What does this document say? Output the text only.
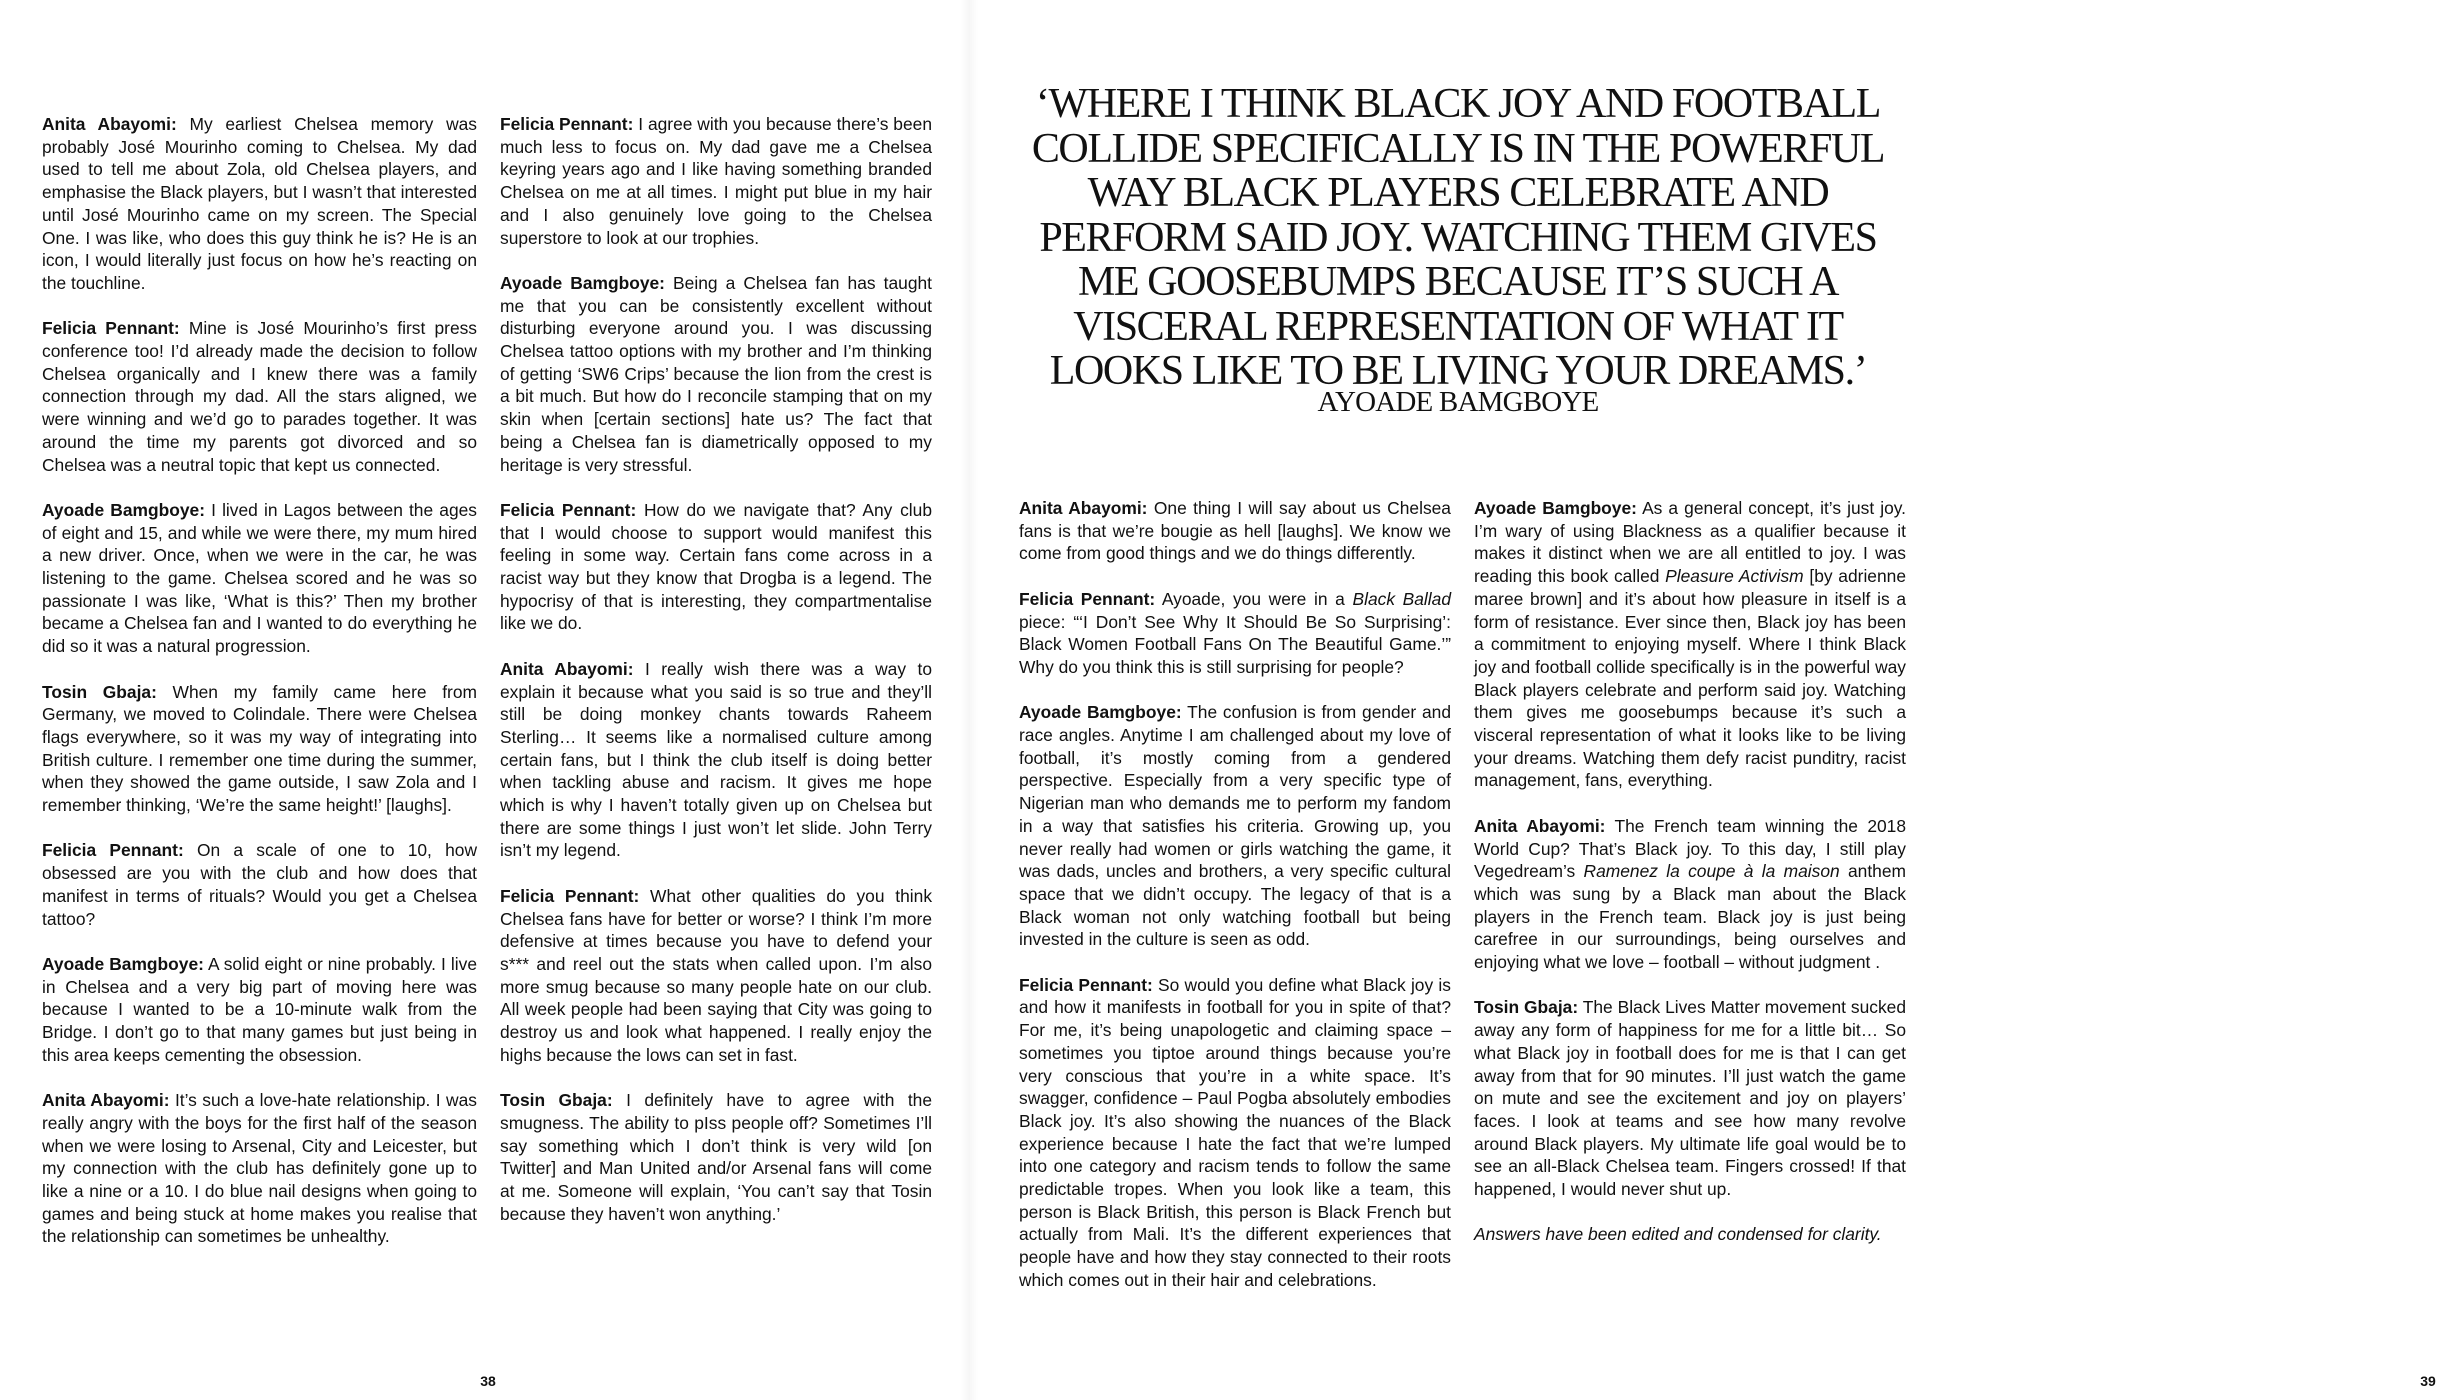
Anita Abayomi: My earliest Chelsea memory was probably José Mourinho coming to Chelsea. My dad used to tell me about Zola, old Chelsea players, and emphasise the Black players, but I wasn’t that interested until José Mourinho came on my screen. The Special One. I was like, who does this guy think he is? He is an icon, I would literally just focus on how he’s reacting on the touchline.

Felicia Pennant: Mine is José Mourinho’s first press conference too! I’d already made the decision to follow Chelsea organically and I knew there was a family connection through my dad. All the stars aligned, we were winning and we’d go to parades together. It was around the time my parents got divorced and so Chelsea was a neutral topic that kept us connected.

Ayoade Bamgboye: I lived in Lagos between the ages of eight and 15, and while we were there, my mum hired a new driver. Once, when we were in the car, he was listening to the game. Chelsea scored and he was so passionate I was like, ‘What is this?’ Then my brother became a Chelsea fan and I wanted to do everything he did so it was a natural progression.

Tosin Gbaja: When my family came here from Germany, we moved to Colindale. There were Chelsea flags everywhere, so it was my way of integrating into British culture. I remember one time during the summer, when they showed the game outside, I saw Zola and I remember thinking, ‘We’re the same height!’ [laughs].

Felicia Pennant: On a scale of one to 10, how obsessed are you with the club and how does that manifest in terms of rituals? Would you get a Chelsea tattoo?

Ayoade Bamgboye: A solid eight or nine probably. I live in Chelsea and a very big part of moving here was because I wanted to be a 10-minute walk from the Bridge. I don’t go to that many games but just being in this area keeps cementing the obsession.

Anita Abayomi: It’s such a love-hate relationship. I was really angry with the boys for the first half of the season when we were losing to Arsenal, City and Leicester, but my connection with the club has definitely gone up to like a nine or a 10. I do blue nail designs when going to games and being stuck at home makes you realise that the relationship can sometimes be unhealthy.

Felicia Pennant: I agree with you because there’s been much less to focus on. My dad gave me a Chelsea keyring years ago and I like having something branded Chelsea on me at all times. I might put blue in my hair and I also genuinely love going to the Chelsea superstore to look at our trophies.

Ayoade Bamgboye: Being a Chelsea fan has taught me that you can be consistently excellent without disturbing everyone around you. I was discussing Chelsea tattoo options with my brother and I’m thinking of getting ‘SW6 Crips’ because the lion from the crest is a bit much. But how do I reconcile stamping that on my skin when [certain sections] hate us? The fact that being a Chelsea fan is diametrically opposed to my heritage is very stressful.

Felicia Pennant: How do we navigate that? Any club that I would choose to support would manifest this feeling in some way. Certain fans come across in a racist way but they know that Drogba is a legend. The hypocrisy of that is interesting, they compartmentalise like we do.

Anita Abayomi: I really wish there was a way to explain it because what you said is so true and they’ll still be doing monkey chants towards Raheem Sterling… It seems like a normalised culture among certain fans, but I think the club itself is doing better when tackling abuse and racism. It gives me hope which is why I haven’t totally given up on Chelsea but there are some things I just won’t let slide. John Terry isn’t my legend.

Felicia Pennant: What other qualities do you think Chelsea fans have for better or worse? I think I’m more defensive at times because you have to defend your s*** and reel out the stats when called upon. I’m also more smug because so many people hate on our club. All week people had been saying that City was going to destroy us and look what happened. I really enjoy the highs because the lows can set in fast.

Tosin Gbaja: I definitely have to agree with the smugness. The ability to pIss people off? Sometimes I’ll say something which I don’t think is very wild [on Twitter] and Man United and/or Arsenal fans will come at me. Someone will explain, ‘You can’t say that Tosin because they haven’t won anything.’

38
‘WHERE I THINK BLACK JOY AND FOOTBALL COLLIDE SPECIFICALLY IS IN THE POWERFUL WAY BLACK PLAYERS CELEBRATE AND PERFORM SAID JOY. WATCHING THEM GIVES ME GOOSEBUMPS BECAUSE IT’S SUCH A VISCERAL REPRESENTATION OF WHAT IT LOOKS LIKE TO BE LIVING YOUR DREAMS.’
AYOADE BAMGBOYE

Anita Abayomi: One thing I will say about us Chelsea fans is that we’re bougie as hell [laughs]. We know we come from good things and we do things differently.

Felicia Pennant: Ayoade, you were in a Black Ballad piece: “‘I Don’t See Why It Should Be So Surprising’: Black Women Football Fans On The Beautiful Game.’” Why do you think this is still surprising for people?

Ayoade Bamgboye: The confusion is from gender and race angles. Anytime I am challenged about my love of football, it’s mostly coming from a gendered perspective. Especially from a very specific type of Nigerian man who demands me to perform my fandom in a way that satisfies his criteria. Growing up, you never really had women or girls watching the game, it was dads, uncles and brothers, a very specific cultural space that we didn’t occupy. The legacy of that is a Black woman not only watching football but being invested in the culture is seen as odd.

Felicia Pennant: So would you define what Black joy is and how it manifests in football for you in spite of that? For me, it’s being unapologetic and claiming space – sometimes you tiptoe around things because you’re very conscious that you’re in a white space. It’s swagger, confidence – Paul Pogba absolutely embodies Black joy. It’s also showing the nuances of the Black experience because I hate the fact that we’re lumped into one category and racism tends to follow the same predictable tropes. When you look like a team, this person is Black British, this person is Black French but actually from Mali. It’s the different experiences that people have and how they stay connected to their roots which comes out in their hair and celebrations.

Ayoade Bamgboye: As a general concept, it’s just joy. I’m wary of using Blackness as a qualifier because it makes it distinct when we are all entitled to joy. I was reading this book called Pleasure Activism [by adrienne maree brown] and it’s about how pleasure in itself is a form of resistance. Ever since then, Black joy has been a commitment to enjoying myself. Where I think Black joy and football collide specifically is in the powerful way Black players celebrate and perform said joy. Watching them gives me goosebumps because it’s such a visceral representation of what it looks like to be living your dreams. Watching them defy racist punditry, racist management, fans, everything.

Anita Abayomi: The French team winning the 2018 World Cup? That’s Black joy. To this day, I still play Vegedream’s Ramenez la coupe à la maison anthem which was sung by a Black man about the Black players in the French team. Black joy is just being carefree in our surroundings, being ourselves and enjoying what we love – football – without judgment .

Tosin Gbaja: The Black Lives Matter movement sucked away any form of happiness for me for a little bit… So what Black joy in football does for me is that I can get away from that for 90 minutes. I’ll just watch the game on mute and see the excitement and joy on players’ faces. I look at teams and see how many revolve around Black players. My ultimate life goal would be to see an all-Black Chelsea team. Fingers crossed! If that happened, I would never shut up.

Answers have been edited and condensed for clarity.

39
